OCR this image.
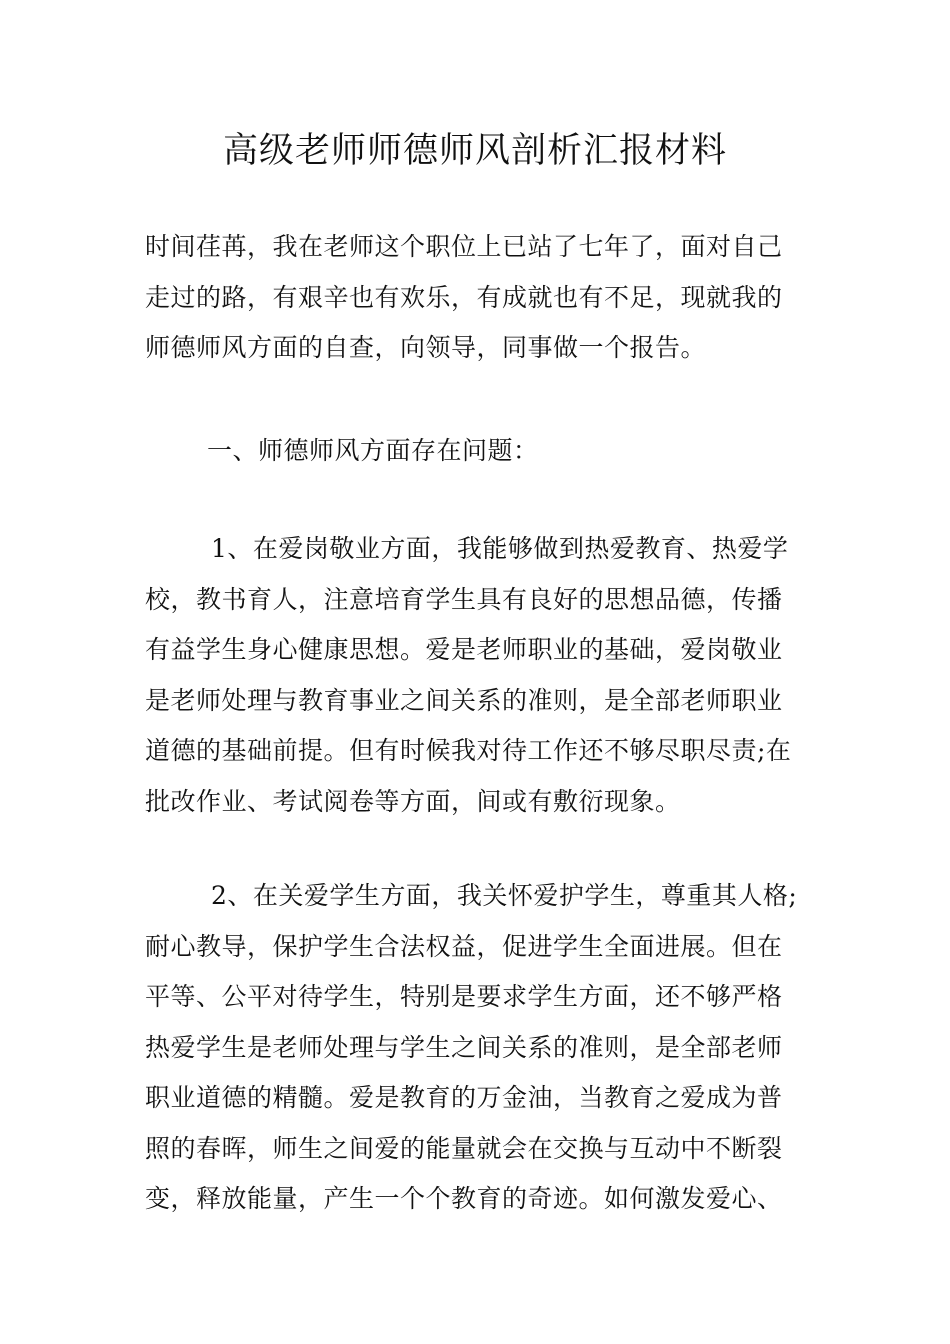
高级老师师德师风剖析汇报材料
时间荏苒，我在老师这个职位上已站了七年了，面对自己
走过的路，有艰辛也有欢乐，有成就也有不足，现就我的
师德师风方面的自查，向领导，同事做一个报告。
一、师德师风方面存在问题：
1、在爱岗敬业方面，我能够做到热爱教育、热爱学
校，教书育人，注意培育学生具有良好的思想品德，传播
有益学生身心健康思想。爱是老师职业的基础，爱岗敬业
是老师处理与教育事业之间关系的准则，是全部老师职业
道德的基础前提。但有时候我对待工作还不够尽职尽责;在
批改作业、考试阅卷等方面，间或有敷衍现象。
2、在关爱学生方面，我关怀爱护学生，尊重其人格;
耐心教导，保护学生合法权益，促进学生全面进展。但在
平等、公平对待学生，特别是要求学生方面，还不够严格
热爱学生是老师处理与学生之间关系的准则，是全部老师
职业道德的精髓。爱是教育的万金油，当教育之爱成为普
照的春晖，师生之间爱的能量就会在交换与互动中不断裂
变，释放能量，产生一个个教育的奇迹。如何激发爱心、
